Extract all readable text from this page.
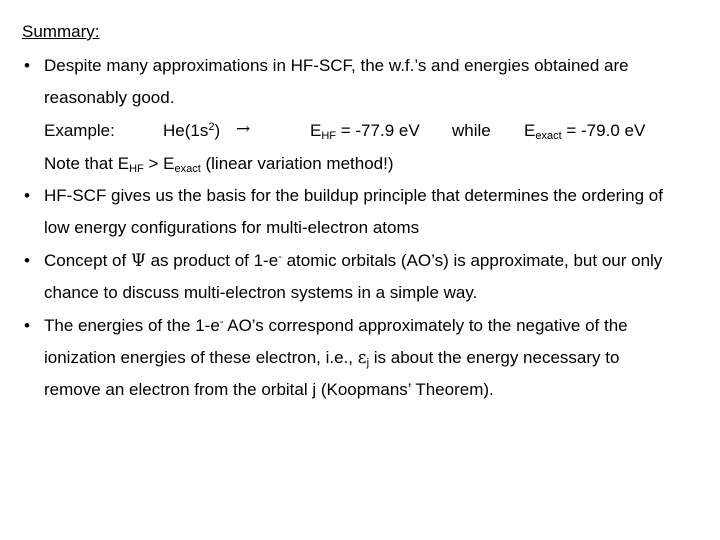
Summary:
• Despite many approximations in HF-SCF, the w.f.’s and energies obtained are
reasonably good.
Example:	$He(1s^2)$ →	$E_{HF} = -77.9$ eV while $E_{exact} = -79.0$ eV
Note that $E_{HF} > E_{exact}$ (linear variation method!)
• HF-SCF gives us the basis for the buildup principle that determines the ordering of
low energy configurations for multi-electron atoms
• Concept of Ψ as product of 1-e- atomic orbitals (AO’s) is approximate, but our only
chance to discuss multi-electron systems in a simple way.
• The energies of the 1-e- AO’s correspond approximately to the negative of the
ionization energies of these electron, i.e., $\varepsilon_j$ is about the energy necessary to
remove an electron from the orbital j (Koopmans’ Theorem).
